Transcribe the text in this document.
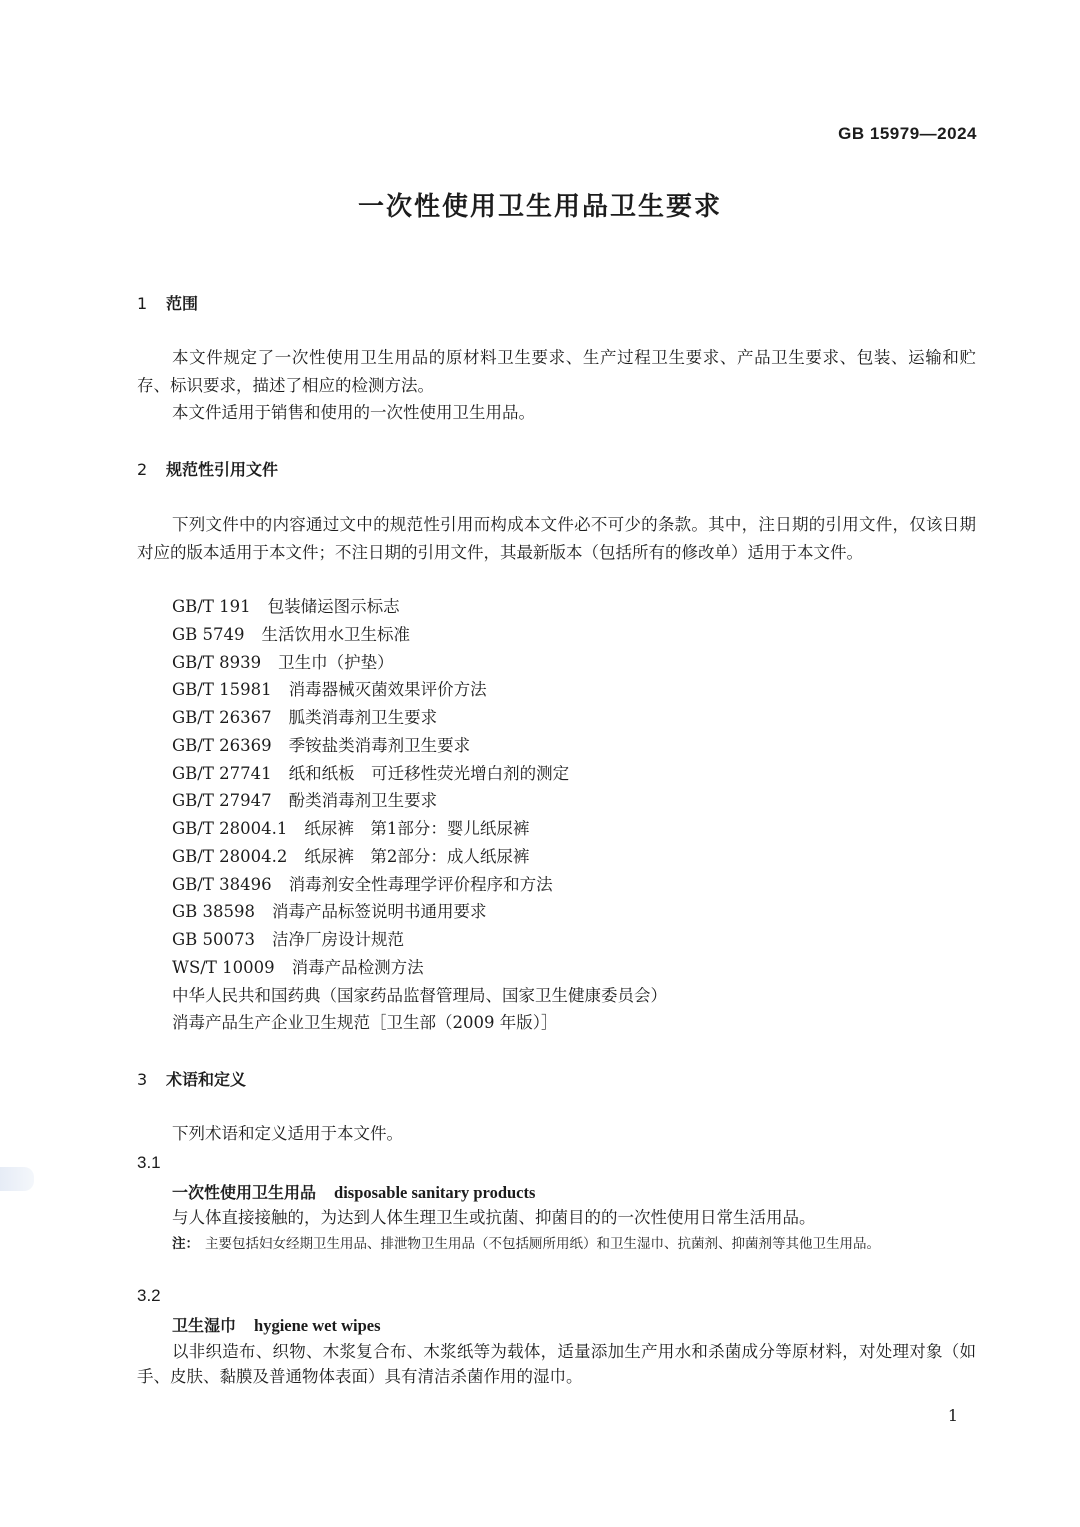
GB 15979—2024
一次性使用卫生用品卫生要求
1 范围

本文件规定了一次性使用卫生用品的原材料卫生要求、生产过程卫生要求、产品卫生要求、包装、运输和贮存、标识要求，描述了相应的检测方法。

本文件适用于销售和使用的一次性使用卫生用品。

2 规范性引用文件

下列文件中的内容通过文中的规范性引用而构成本文件必不可少的条款。其中，注日期的引用文件，仅该日期对应的版本适用于本文件；不注日期的引用文件，其最新版本（包括所有的修改单）适用于本文件。

GB/T 191 包装储运图示标志
GB 5749 生活饮用水卫生标准
GB/T 8939 卫生巾（护垫）
GB/T 15981 消毒器械灭菌效果评价方法
GB/T 26367 胍类消毒剂卫生要求
GB/T 26369 季铵盐类消毒剂卫生要求
GB/T 27741 纸和纸板　可迁移性荧光增白剂的测定
GB/T 27947 酚类消毒剂卫生要求
GB/T 28004.1 纸尿裤　第1部分：婴儿纸尿裤
GB/T 28004.2 纸尿裤　第2部分：成人纸尿裤
GB/T 38496 消毒剂安全性毒理学评价程序和方法
GB 38598 消毒产品标签说明书通用要求
GB 50073 洁净厂房设计规范
WS/T 10009 消毒产品检测方法
中华人民共和国药典（国家药品监督管理局、国家卫生健康委员会）
消毒产品生产企业卫生规范［卫生部（2009 年版）］
3 术语和定义

下列术语和定义适用于本文件。

3.1
一次性使用卫生用品 disposable sanitary products

与人体直接接触的，为达到人体生理卫生或抗菌、抑菌目的的一次性使用日常生活用品。

注： 主要包括妇女经期卫生用品、排泄物卫生用品（不包括厕所用纸）和卫生湿巾、抗菌剂、抑菌剂等其他卫生用品。

3.2
卫生湿巾 hygiene wet wipes

以非织造布、织物、木浆复合布、木浆纸等为载体，适量添加生产用水和杀菌成分等原材料，对处理对象（如手、皮肤、黏膜及普通物体表面）具有清洁杀菌作用的湿巾。

1
